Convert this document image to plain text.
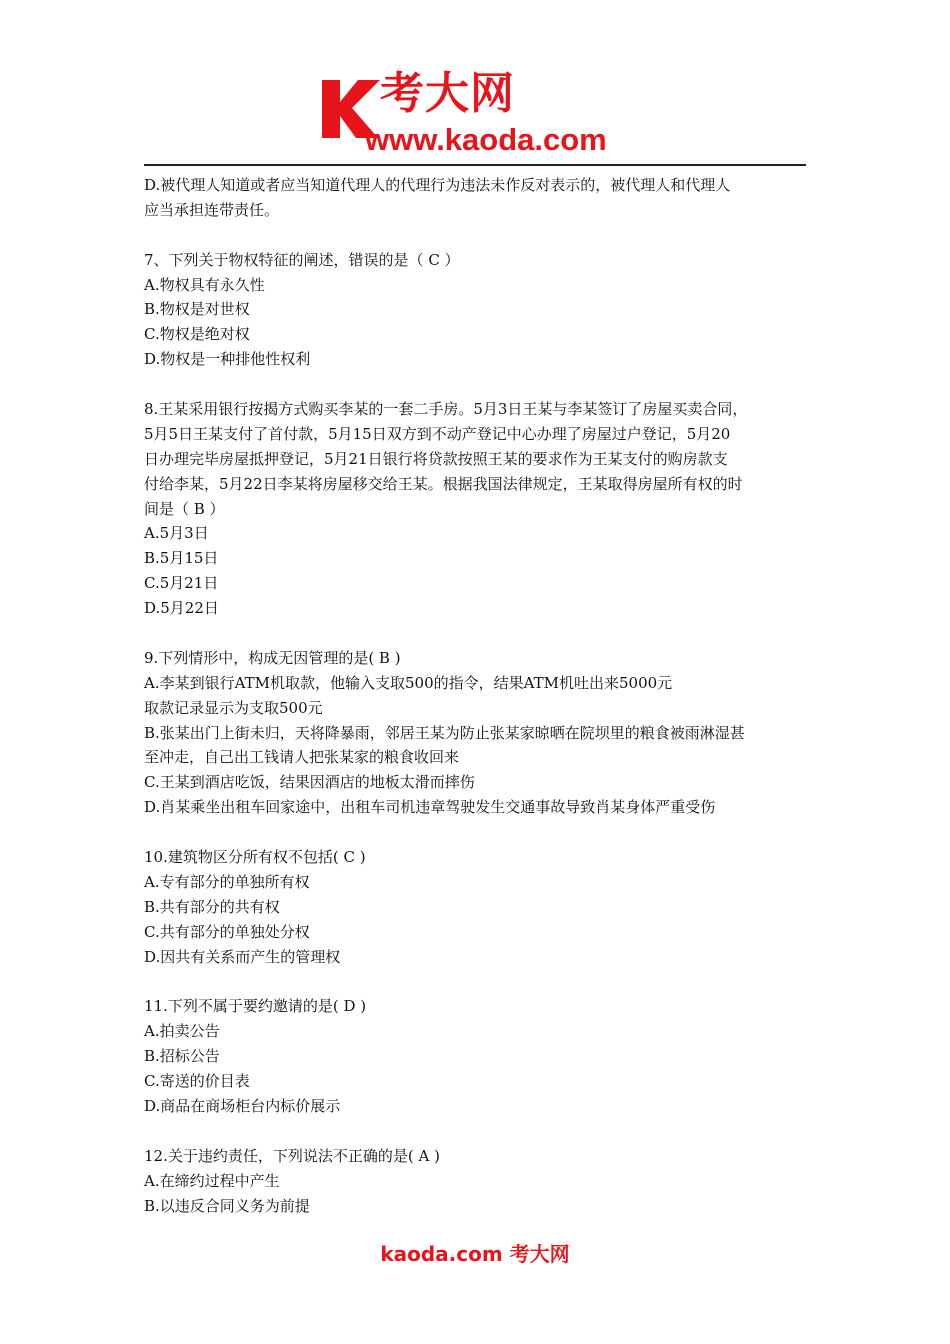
考大网
www.kaoda.com
D.被代理人知道或者应当知道代理人的代理行为违法未作反对表示的，被代理人和代理人
应当承担连带责任。
7、下列关于物权特征的阐述，错误的是（ C ）
A.物权具有永久性
B.物权是对世权
C.物权是绝对权
D.物权是一种排他性权利
8.王某采用银行按揭方式购买李某的一套二手房。5月3日王某与李某签订了房屋买卖合同，
5月5日王某支付了首付款，5月15日双方到不动产登记中心办理了房屋过户登记，5月20
日办理完毕房屋抵押登记，5月21日银行将贷款按照王某的要求作为王某支付的购房款支
付给李某，5月22日李某将房屋移交给王某。根据我国法律规定，王某取得房屋所有权的时
间是（ B ）
A.5月3日
B.5月15日
C.5月21日
D.5月22日
9.下列情形中，构成无因管理的是( B )
A.李某到银行ATM机取款，他输入支取500的指令，结果ATM机吐出来5000元
取款记录显示为支取500元
B.张某出门上街未归，天将降暴雨，邻居王某为防止张某家晾晒在院坝里的粮食被雨淋湿甚
至冲走，自己出工钱请人把张某家的粮食收回来
C.王某到酒店吃饭，结果因酒店的地板太滑而摔伤
D.肖某乘坐出租车回家途中，出租车司机违章驾驶发生交通事故导致肖某身体严重受伤
10.建筑物区分所有权不包括( C )
A.专有部分的单独所有权
B.共有部分的共有权
C.共有部分的单独处分权
D.因共有关系而产生的管理权
11.下列不属于要约邀请的是( D )
A.拍卖公告
B.招标公告
C.寄送的价目表
D.商品在商场柜台内标价展示
12.关于违约责任，下列说法不正确的是( A )
A.在缔约过程中产生
B.以违反合同义务为前提
kaoda.com 考大网
